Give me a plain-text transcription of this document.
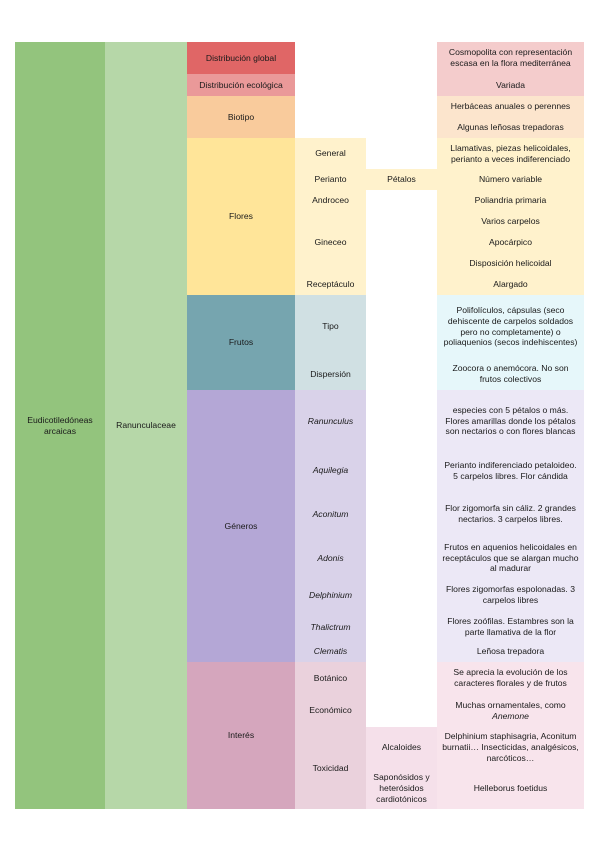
Eudicotiledóneas arcaicas
Ranunculaceae
Distribución global
Cosmopolita con representación escasa en la flora mediterránea
Distribución ecológica	Variada
Biotipo
Herbáceas anuales o perennes
Algunas leñosas trepadoras
Flores
General
Perianto
Androceo
Gineceo
Receptáculo
Pétalos
Llamativas, piezas helicoidales, perianto a veces indiferenciado
Número variable
Poliandria primaria
Varios carpelos
Apocárpico
Disposición helicoidal
Alargado
Frutos
Tipo
Dispersión
Polifolículos, cápsulas (seco dehiscente de carpelos soldados pero no completamente) o poliaquenios (secos indehiscentes)
Zoocora o anemócora. No son frutos colectivos
Géneros
Ranunculus
especies con 5 pétalos o más. Flores amarillas donde los pétalos son nectarios o con flores blancas
Aquilegia
Perianto indiferenciado petaloideo. 5 carpelos libres. Flor cándida
Aconitum
Flor zigomorfa sin cáliz. 2 grandes nectarios. 3 carpelos libres.
Adonis
Frutos en aquenios helicoidales en receptáculos que se alargan mucho al madurar
Delphinium
Flores zigomorfas espolonadas. 3 carpelos libres
Thalictrum
Flores zoófilas. Estambres son la parte llamativa de la flor
Clematis	Leñosa trepadora
Interés
Botánico
Económico
Toxicidad
Alcaloides
Saponósidos y heterósidos cardiotónicos
Se aprecia la evolución de los caracteres florales y de frutos
Muchas ornamentales, como
Anemone
Delphinium staphisagria, Aconitum burnatii… Insecticidas, analgésicos, narcóticos…
Helleborus foetidus
